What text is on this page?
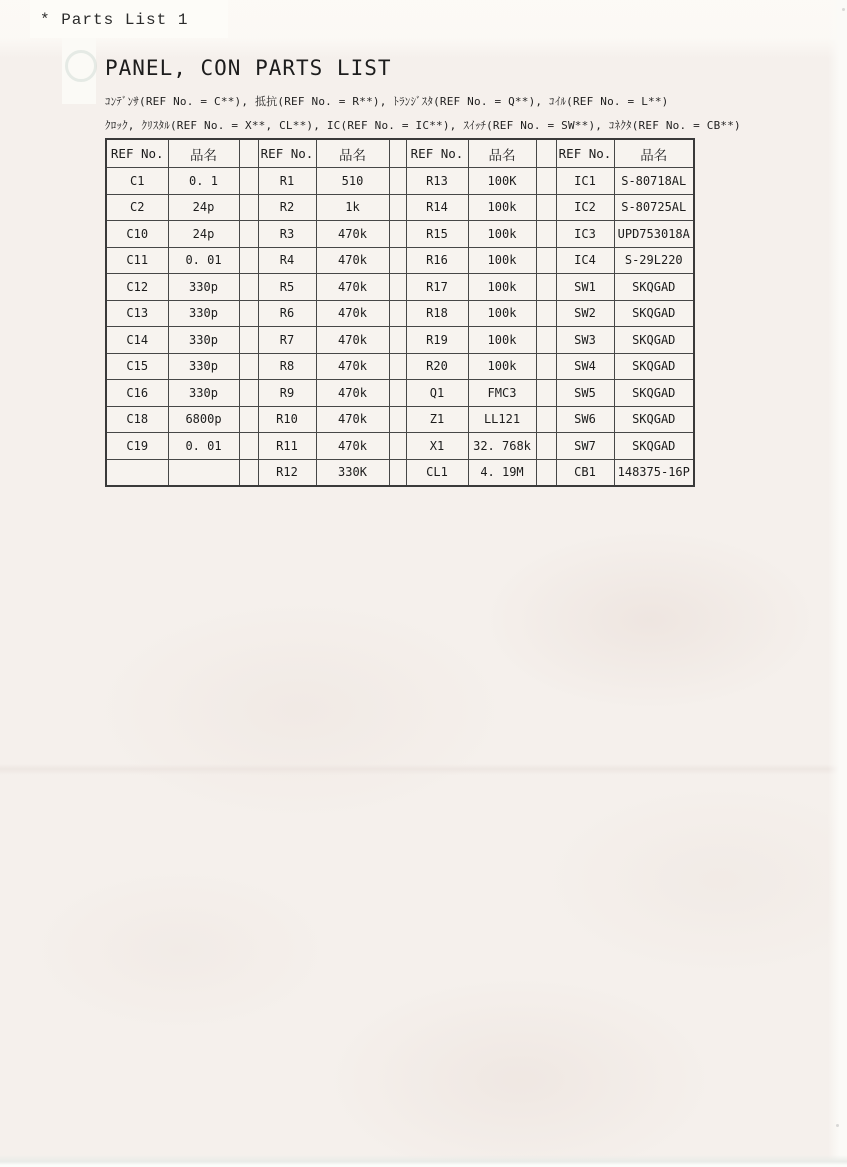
* Parts List 1
PANEL, CON PARTS LIST

ｺﾝﾃﾞﾝｻ(REF No. = C**), 抵抗(REF No. = R**), ﾄﾗﾝｼﾞｽﾀ(REF No. = Q**), ｺｲﾙ(REF No. = L**)

ｸﾛｯｸ, ｸﾘｽﾀﾙ(REF No. = X**, CL**), IC(REF No. = IC**), ｽｲｯﾁ(REF No. = SW**), ｺﾈｸﾀ(REF No. = CB**)

REF No.	品名		REF No.	品名		REF No.	品名		REF No.	品名
C1	0. 1		R1	510		R13	100K		IC1	S-80718AL
C2	24p		R2	1k		R14	100k		IC2	S-80725AL
C10	24p		R3	470k		R15	100k		IC3	UPD753018A
C11	0. 01		R4	470k		R16	100k		IC4	S-29L220
C12	330p		R5	470k		R17	100k		SW1	SKQGAD
C13	330p		R6	470k		R18	100k		SW2	SKQGAD
C14	330p		R7	470k		R19	100k		SW3	SKQGAD
C15	330p		R8	470k		R20	100k		SW4	SKQGAD
C16	330p		R9	470k		Q1	FMC3		SW5	SKQGAD
C18	6800p		R10	470k		Z1	LL121		SW6	SKQGAD
C19	0. 01		R11	470k		X1	32. 768k		SW7	SKQGAD
			R12	330K		CL1	4. 19M		CB1	148375-16P
